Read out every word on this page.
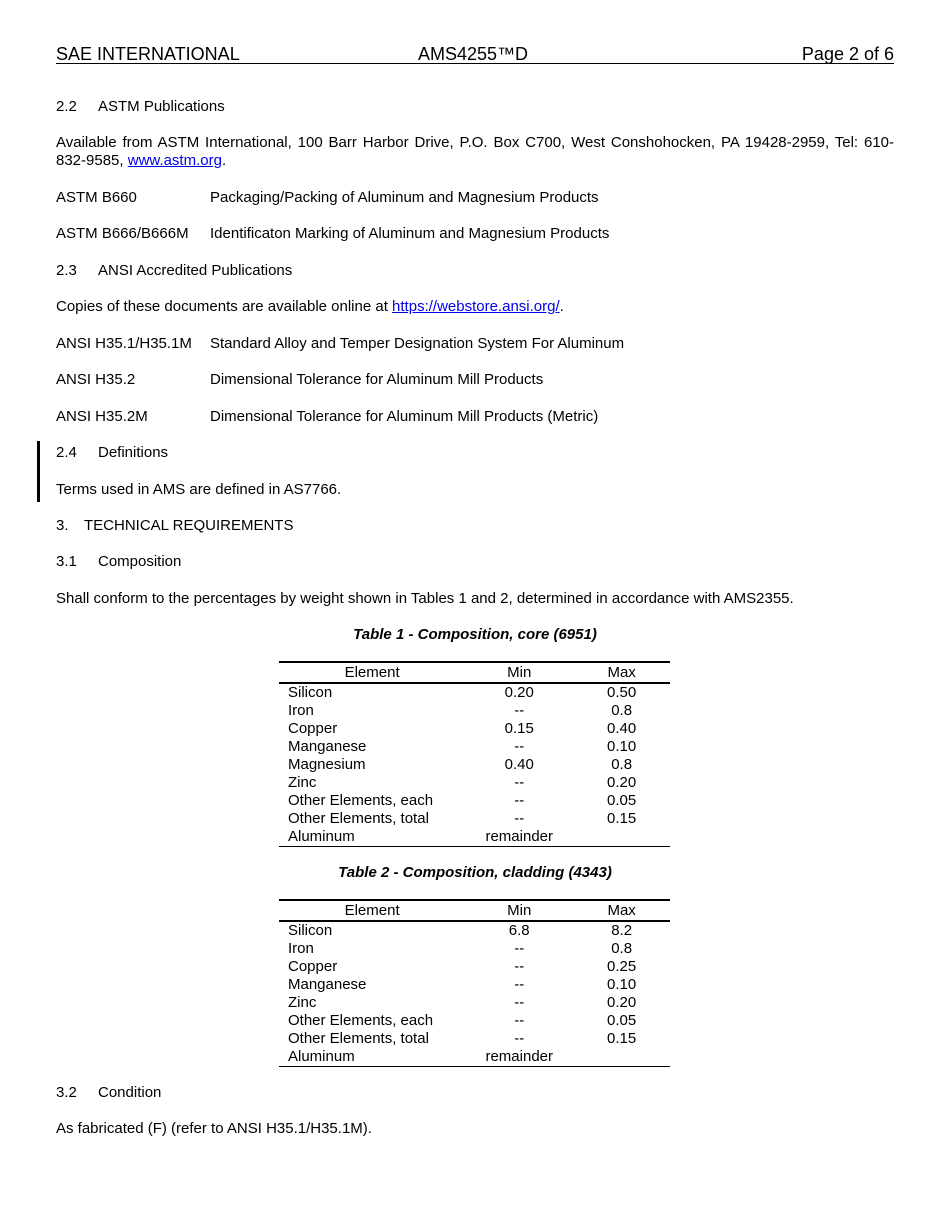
SAE INTERNATIONAL	AMS4255™D	Page 2 of 6
2.2 ASTM Publications
Available from ASTM International, 100 Barr Harbor Drive, P.O. Box C700, West Conshohocken, PA 19428-2959, Tel: 610-832-9585, www.astm.org.
ASTM B660	Packaging/Packing of Aluminum and Magnesium Products
ASTM B666/B666M Identificaton Marking of Aluminum and Magnesium Products
2.3 ANSI Accredited Publications
Copies of these documents are available online at https://webstore.ansi.org/.
ANSI H35.1/H35.1M Standard Alloy and Temper Designation System For Aluminum
ANSI H35.2	Dimensional Tolerance for Aluminum Mill Products
ANSI H35.2M	Dimensional Tolerance for Aluminum Mill Products (Metric)
2.4 Definitions
Terms used in AMS are defined in AS7766.
3. TECHNICAL REQUIREMENTS
3.1 Composition
Shall conform to the percentages by weight shown in Tables 1 and 2, determined in accordance with AMS2355.
Table 1 - Composition, core (6951)
Element	Min	Max
Silicon	0.20	0.50
Iron	--	0.8
Copper	0.15	0.40
Manganese	--	0.10
Magnesium	0.40	0.8
Zinc	--	0.20
Other Elements, each	--	0.05
Other Elements, total	--	0.15
Aluminum	remainder	
Table 2 - Composition, cladding (4343)
Element	Min	Max
Silicon	6.8	8.2
Iron	--	0.8
Copper	--	0.25
Manganese	--	0.10
Zinc	--	0.20
Other Elements, each	--	0.05
Other Elements, total	--	0.15
Aluminum	remainder	
3.2 Condition
As fabricated (F) (refer to ANSI H35.1/H35.1M).
